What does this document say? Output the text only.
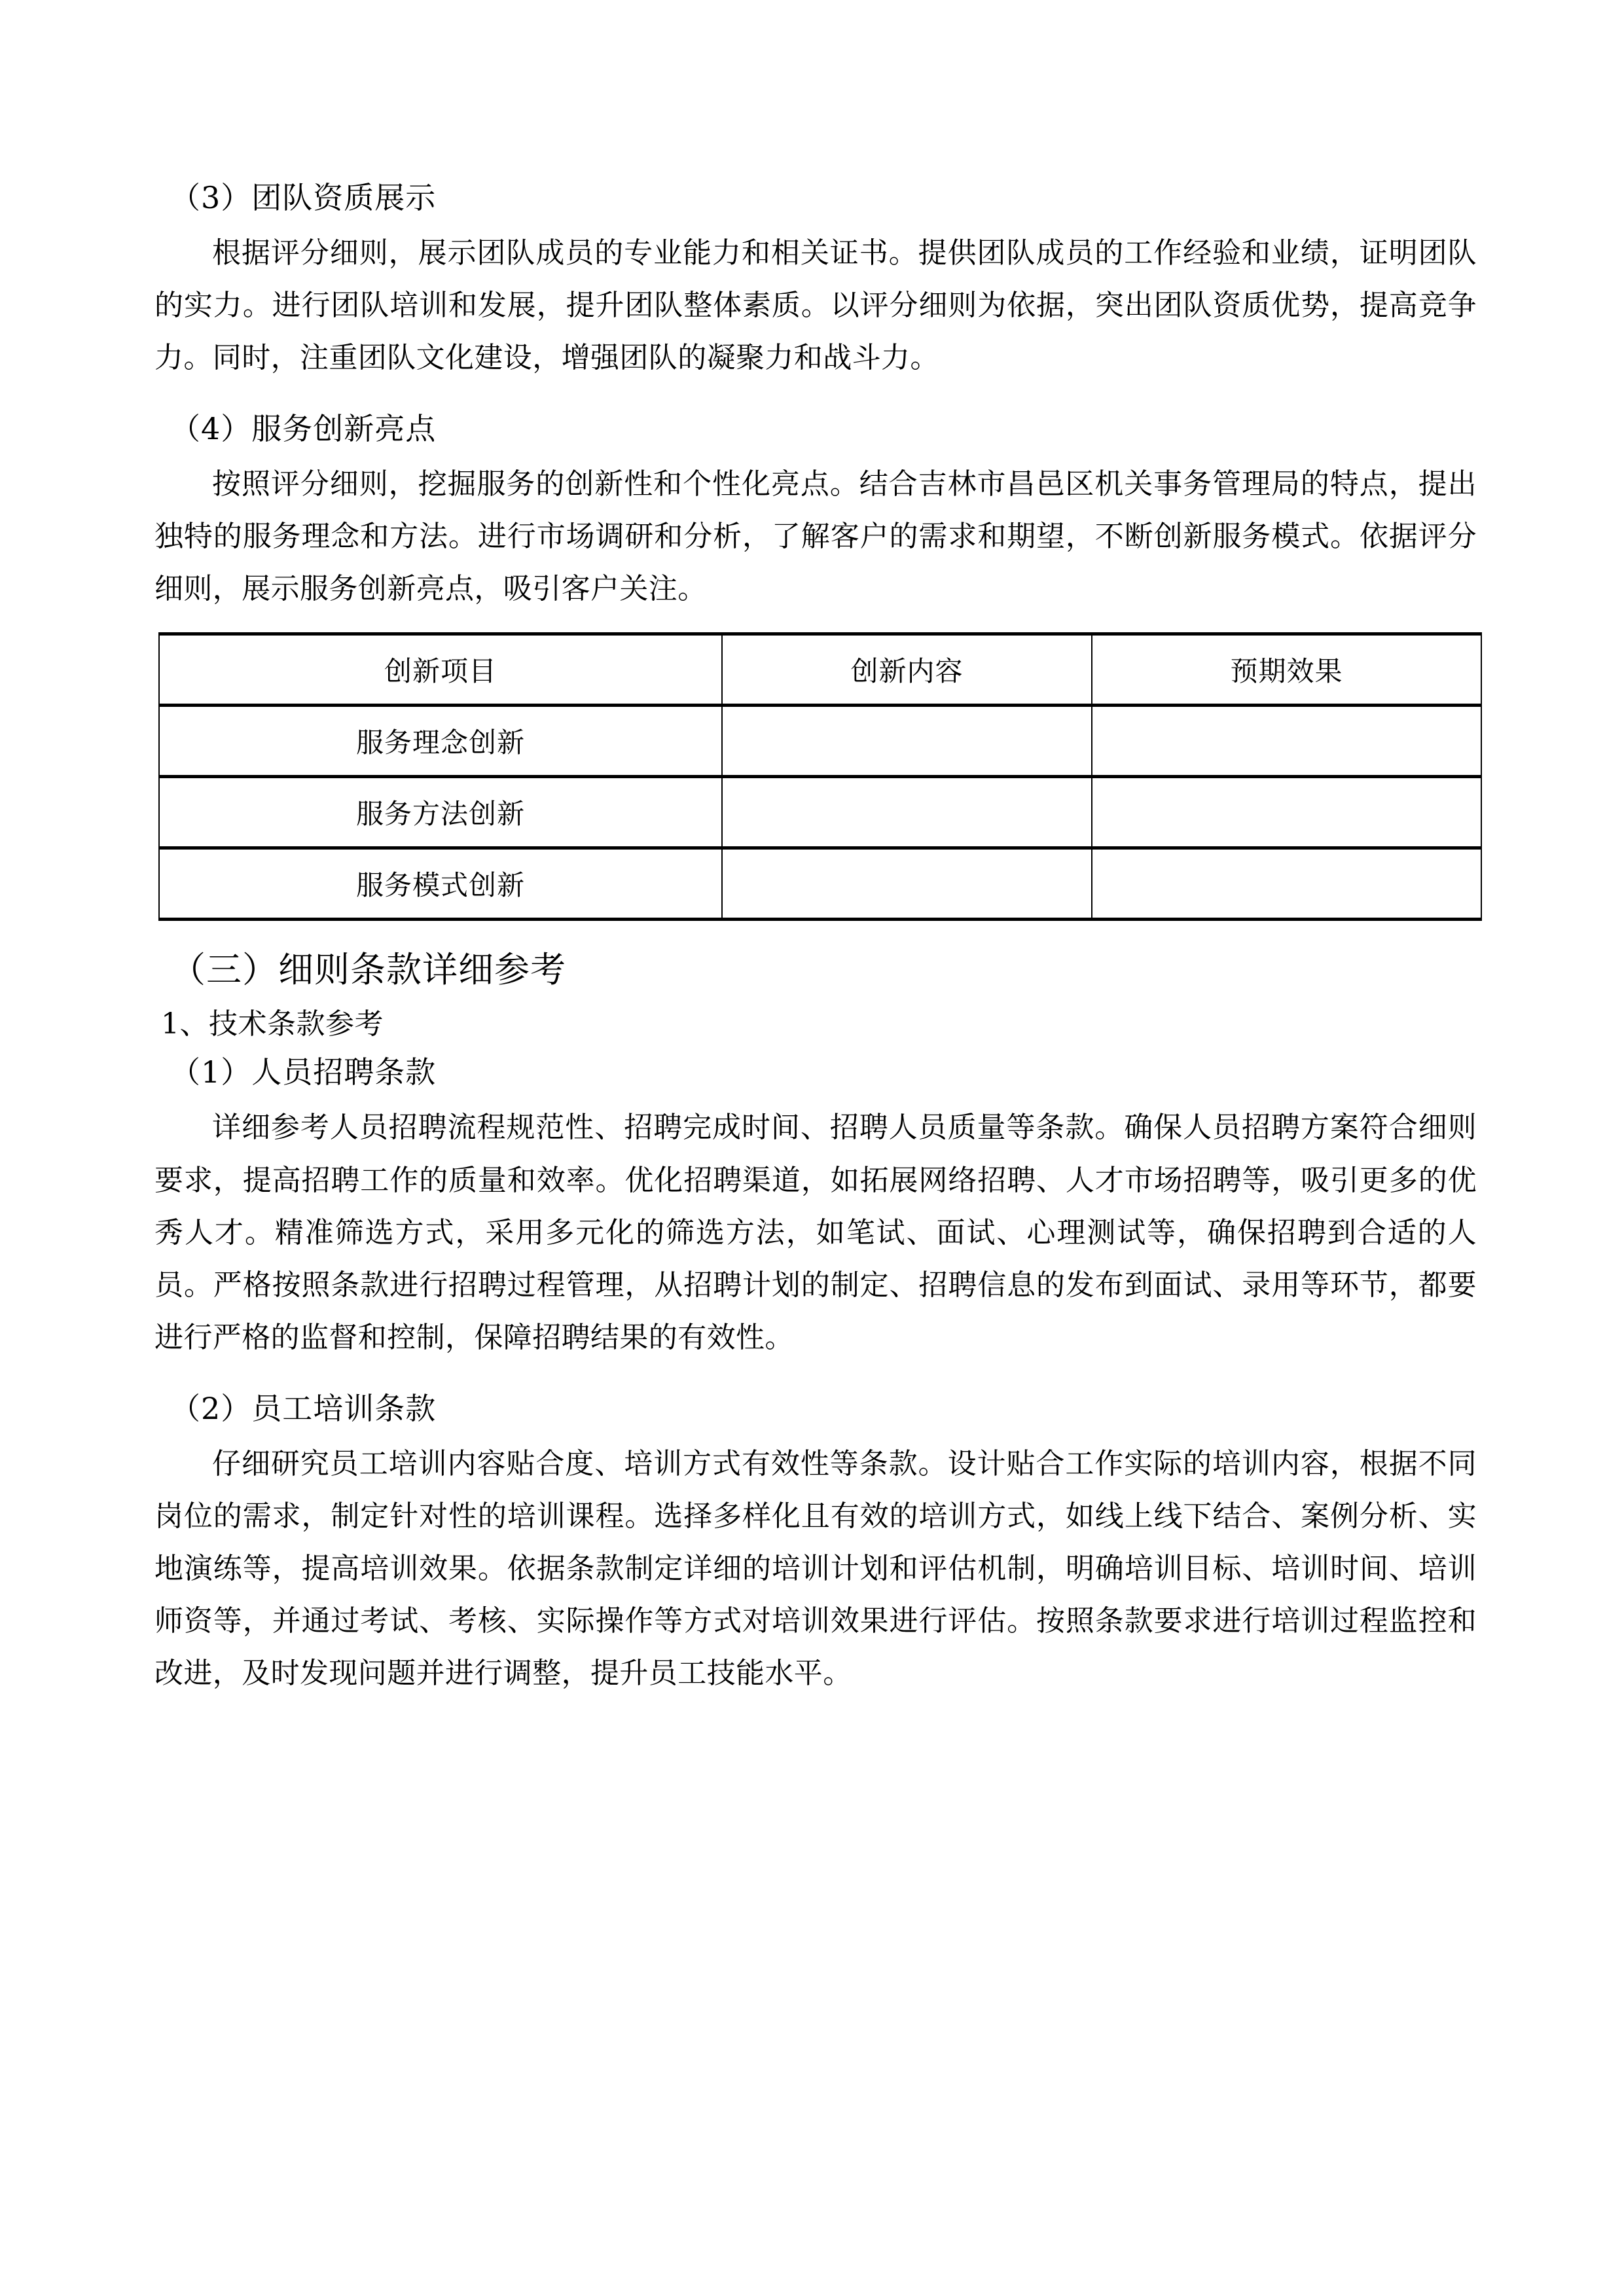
（3）团队资质展示

根据评分细则，展示团队成员的专业能力和相关证书。提供团队成员的工作经验和业绩，证明团队的实力。进行团队培训和发展，提升团队整体素质。以评分细则为依据，突出团队资质优势，提高竞争力。同时，注重团队文化建设，增强团队的凝聚力和战斗力。

（4）服务创新亮点

按照评分细则，挖掘服务的创新性和个性化亮点。结合吉林市昌邑区机关事务管理局的特点，提出独特的服务理念和方法。进行市场调研和分析，了解客户的需求和期望，不断创新服务模式。依据评分细则，展示服务创新亮点，吸引客户关注。

创新项目	创新内容	预期效果
服务理念创新		
服务方法创新		
服务模式创新		
（三）细则条款详细参考
1、技术条款参考
（1）人员招聘条款

详细参考人员招聘流程规范性、招聘完成时间、招聘人员质量等条款。确保人员招聘方案符合细则要求，提高招聘工作的质量和效率。优化招聘渠道，如拓展网络招聘、人才市场招聘等，吸引更多的优秀人才。精准筛选方式，采用多元化的筛选方法，如笔试、面试、心理测试等，确保招聘到合适的人员。严格按照条款进行招聘过程管理，从招聘计划的制定、招聘信息的发布到面试、录用等环节，都要进行严格的监督和控制，保障招聘结果的有效性。

（2）员工培训条款

仔细研究员工培训内容贴合度、培训方式有效性等条款。设计贴合工作实际的培训内容，根据不同岗位的需求，制定针对性的培训课程。选择多样化且有效的培训方式，如线上线下结合、案例分析、实地演练等，提高培训效果。依据条款制定详细的培训计划和评估机制，明确培训目标、培训时间、培训师资等，并通过考试、考核、实际操作等方式对培训效果进行评估。按照条款要求进行培训过程监控和改进，及时发现问题并进行调整，提升员工技能水平。
